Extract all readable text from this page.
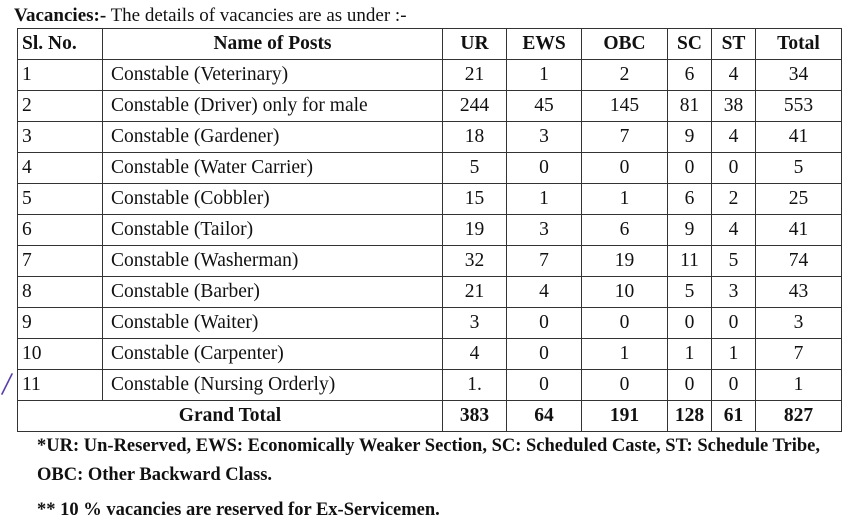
Vacancies:- The details of vacancies are as under :-
Sl. No.	Name of Posts	UR	EWS	OBC	SC	ST	Total
1	Constable (Veterinary)	21	1	2	6	4	34
2	Constable (Driver) only for male	244	45	145	81	38	553
3	Constable (Gardener)	18	3	7	9	4	41
4	Constable (Water Carrier)	5	0	0	0	0	5
5	Constable (Cobbler)	15	1	1	6	2	25
6	Constable (Tailor)	19	3	6	9	4	41
7	Constable (Washerman)	32	7	19	11	5	74
8	Constable (Barber)	21	4	10	5	3	43
9	Constable (Waiter)	3	0	0	0	0	3
10	Constable (Carpenter)	4	0	1	1	1	7
11	Constable (Nursing Orderly)	1.	0	0	0	0	1
Grand Total		383	64	191	128	61	827

*UR: Un-Reserved, EWS: Economically Weaker Section, SC: Scheduled Caste, ST: Schedule Tribe, OBC: Other Backward Class.

** 10 % vacancies are reserved for Ex-Servicemen.
